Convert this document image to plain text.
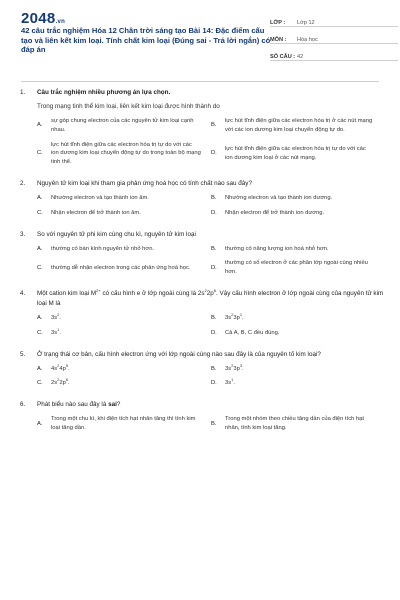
2048.vn
42 câu trắc nghiệm Hóa 12 Chân trời sáng tạo Bài 14: Đặc điểm cấu tạo và liên kết kim loại. Tính chất kim loại (Đúng sai - Trả lời ngắn) có đáp án
LỚP :	Lớp 12
MÔN :	Hóa học
SỐ CÂU : 42
1.	Câu trắc nghiệm nhiều phương án lựa chọn.
Trong mạng tinh thể kim loại, liên kết kim loại được hình thành do
A.
sự góp chung electron của các nguyên tử kim loại cạnh nhau.
B.
lực hút tĩnh điện giữa các electron hóa trị ở các nút mạng với các ion dương kim loại chuyển động tự do.
C.
lực hút tĩnh điện giữa các electron hóa trị tự do với các ion dương kim loại chuyển động tự do trong toàn bộ mạng tinh thể.
D.
lực hút tĩnh điện giữa các electron hóa trị tự do với các ion dương kim loại ở các nút mạng.
2.	Nguyên tử kim loại khi tham gia phản ứng hoá học có tính chất nào sau đây?
A.	Nhường electron và tạo thành ion âm.	B.	Nhường electron và tạo thành ion dương.
C.	Nhận electron để trở thành ion âm.	D.	Nhận electron để trở thành ion dương.
3.	So với nguyên tử phi kim cùng chu kì, nguyên tử kim loại
A.	thường có bán kính nguyên tử nhỏ hơn.	B.	thường có năng lượng ion hoá nhỏ hơn.
C.	thường dễ nhận electron trong các phản ứng hoá học.	D.
thường có số electron ở các phân lớp ngoài cùng nhiều hơn.
4.	Một cation kim loại $M^{2+}$ có cấu hình e ở lớp ngoài cùng là $2s^22p^6$. Vậy cấu hình electron ở lớp ngoài cùng của nguyên tử kim loại M là
A.	$3s^2$.	B.	$3s^23p^1$.
C.	$3s^1$.	D.	Cả A, B, C đều đúng.
5.	Ở trạng thái cơ bản, cấu hình electron ứng với lớp ngoài cùng nào sau đây là của nguyên tố kim loại?
A.	$4s^24p^5$.	B.	$3s^23p^3$.
C.	$2s^22p^6$.	D.	$3s^1$.
6.	Phát biểu nào sau đây là sai?
A.
Trong một chu kì, khi điện tích hạt nhân tăng thì tính kim loại tăng dần.
B.
Trong một nhóm theo chiều tăng dần của điện tích hạt nhân, tính kim loại tăng.
